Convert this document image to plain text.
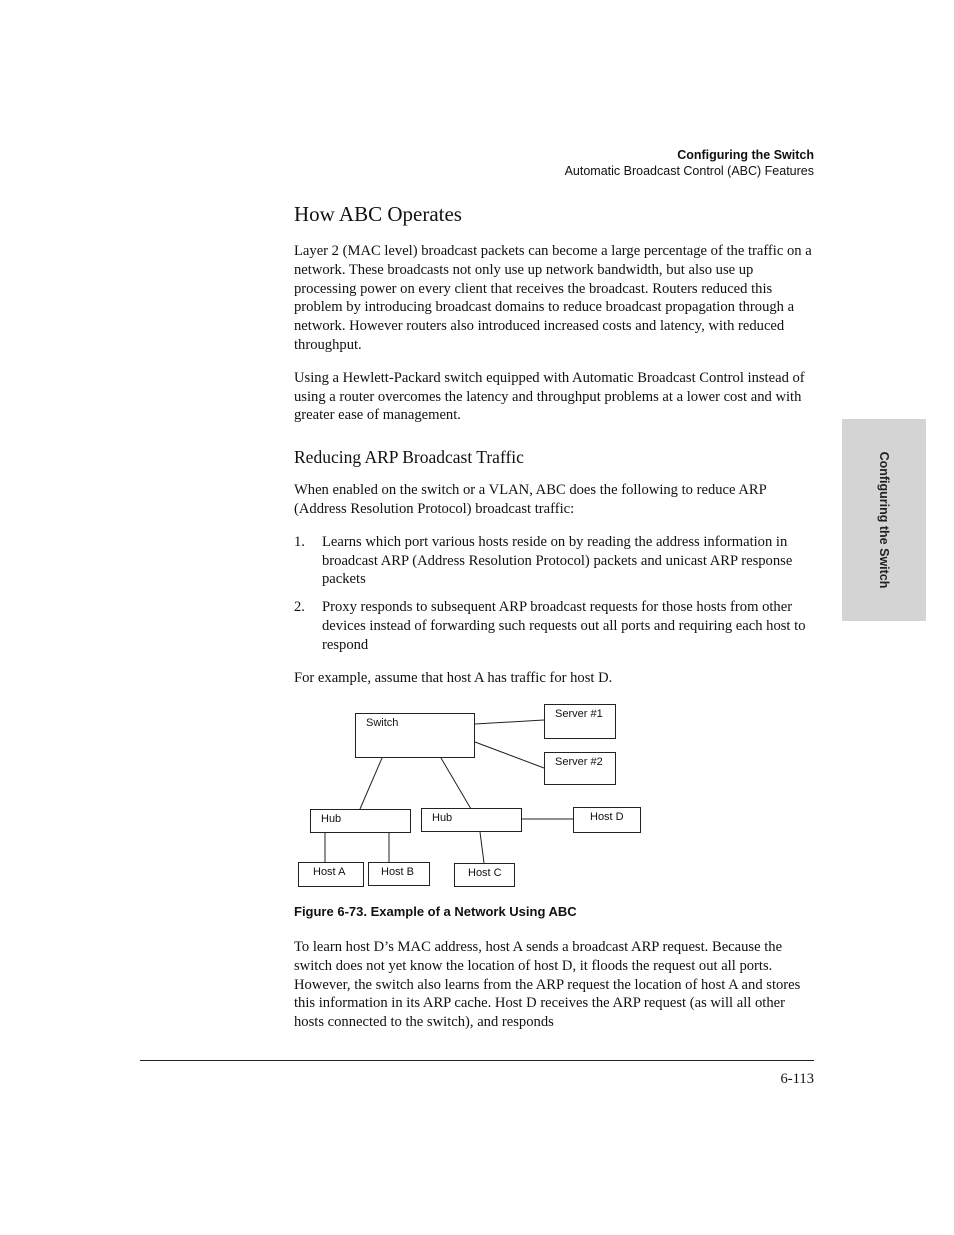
Configuring the Switch
Automatic Broadcast Control (ABC) Features
Configuring the Switch
How ABC Operates

Layer 2 (MAC level) broadcast packets can become a large percentage of the traffic on a network. These broadcasts not only use up network bandwidth, but also use up processing power on every client that receives the broadcast. Routers reduced this problem by introducing broadcast domains to reduce broadcast propagation through a network. However routers also introduced increased costs and latency, with reduced throughput.

Using a Hewlett-Packard switch equipped with Automatic Broadcast Control instead of using a router overcomes the latency and throughput problems at a lower cost and with greater ease of management.

Reducing ARP Broadcast Traffic

When enabled on the switch or a VLAN, ABC does the following to reduce ARP (Address Resolution Protocol) broadcast traffic:

1. Learns which port various hosts reside on by reading the address information in broadcast ARP (Address Resolution Protocol) packets and unicast ARP response packets
2. Proxy responds to subsequent ARP broadcast requests for those hosts from other devices instead of forwarding such requests out all ports and requiring each host to respond

For example, assume that host A has traffic for host D.

Switch
Server #1
Server #2
Hub	Hub	Host D
Host A	Host B	Host C
Figure 6-73. Example of a Network Using ABC

To learn host D’s MAC address, host A sends a broadcast ARP request. Because the switch does not yet know the location of host D, it floods the request out all ports. However, the switch also learns from the ARP request the location of host A and stores this information in its ARP cache. Host D receives the ARP request (as will all other hosts connected to the switch), and responds

6-113
